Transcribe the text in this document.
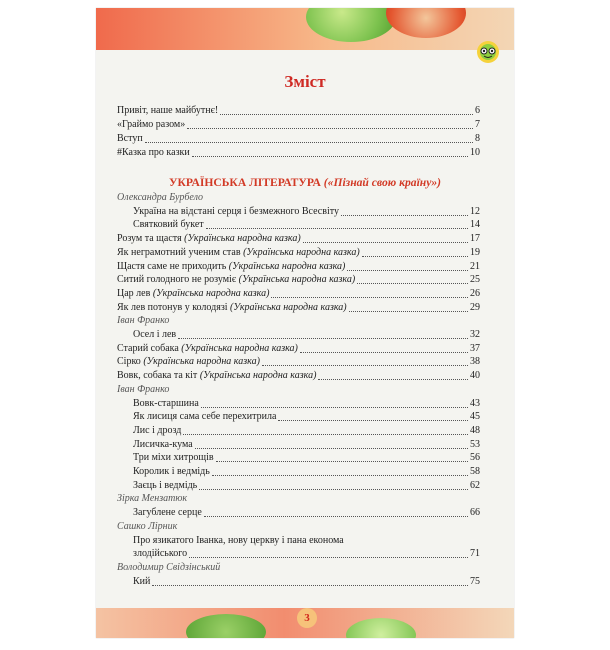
Зміст
УКРАЇНСЬКА ЛІТЕРАТУРА («Пізнай свою країну»)
Привіт, наше майбутнє!	6
«Граймо разом»	7
Вступ	8
#Казка про казки	10
Олександра Бурбело
Україна на відстані серця і безмежного Всесвіту	12
Святковий букет	14
Розум та щастя (Українська народна казка)	17
Як неграмотний ученим став (Українська народна казка)	19
Щастя саме не приходить (Українська народна казка)	21
Ситий голодного не розуміє (Українська народна казка)	25
Цар лев (Українська народна казка)	26
Як лев потонув у колодязі (Українська народна казка)	29
Іван Франко
Осел і лев	32
Старий собака (Українська народна казка)	37
Сірко (Українська народна казка)	38
Вовк, собака та кіт (Українська народна казка)	40
Іван Франко
Вовк-старшина	43
Як лисиця сама себе перехитрила	45
Лис і дрозд	48
Лисичка-кума	53
Три міхи хитрощів	56
Королик і ведмідь	58
Заєць і ведмідь	62
Зірка Мензатюк
Загублене серце	66
Сашко Лірник
Про язикатого Іванка, нову церкву і пана економа
злодійського	71
Володимир Свідзінський
Кий	75
3
